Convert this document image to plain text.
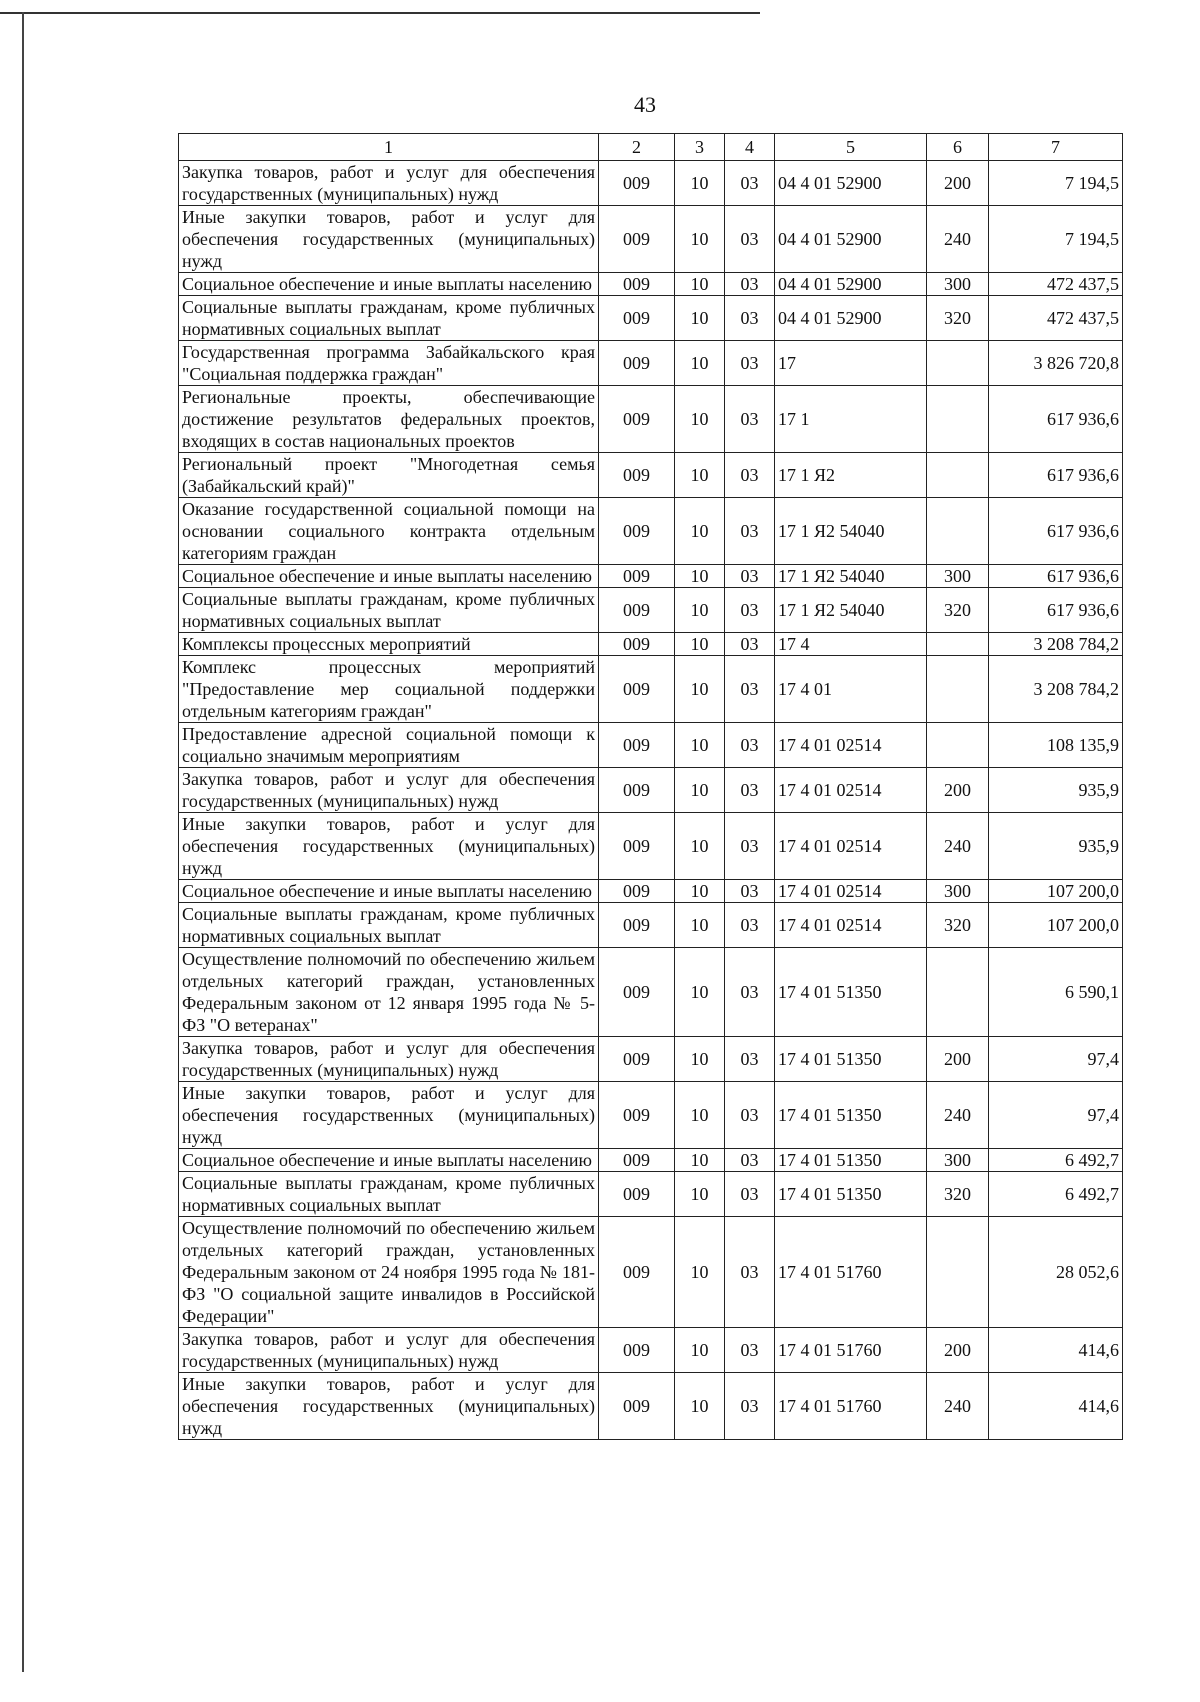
43
1	2	3	4	5	6	7
Закупка товаров, работ и услуг для обеспечения государственных (муниципальных) нужд	009	10	03	04 4 01 52900	200	7 194,5
Иные закупки товаров, работ и услуг для обеспечения государственных (муниципальных) нужд	009	10	03	04 4 01 52900	240	7 194,5
Социальное обеспечение и иные выплаты населению	009	10	03	04 4 01 52900	300	472 437,5
Социальные выплаты гражданам, кроме публичных нормативных социальных выплат	009	10	03	04 4 01 52900	320	472 437,5
Государственная программа Забайкальского края "Социальная поддержка граждан"	009	10	03	17		3 826 720,8
Региональные проекты, обеспечивающие достижение результатов федеральных проектов, входящих в состав национальных проектов	009	10	03	17 1		617 936,6
Региональный проект "Многодетная семья (Забайкальский край)"	009	10	03	17 1 Я2		617 936,6
Оказание государственной социальной помощи на основании социального контракта отдельным категориям граждан	009	10	03	17 1 Я2 54040		617 936,6
Социальное обеспечение и иные выплаты населению	009	10	03	17 1 Я2 54040	300	617 936,6
Социальные выплаты гражданам, кроме публичных нормативных социальных выплат	009	10	03	17 1 Я2 54040	320	617 936,6
Комплексы процессных мероприятий	009	10	03	17 4		3 208 784,2
Комплекс процессных мероприятий "Предоставление мер социальной поддержки отдельным категориям граждан"	009	10	03	17 4 01		3 208 784,2
Предоставление адресной социальной помощи к социально значимым мероприятиям	009	10	03	17 4 01 02514		108 135,9
Закупка товаров, работ и услуг для обеспечения государственных (муниципальных) нужд	009	10	03	17 4 01 02514	200	935,9
Иные закупки товаров, работ и услуг для обеспечения государственных (муниципальных) нужд	009	10	03	17 4 01 02514	240	935,9
Социальное обеспечение и иные выплаты населению	009	10	03	17 4 01 02514	300	107 200,0
Социальные выплаты гражданам, кроме публичных нормативных социальных выплат	009	10	03	17 4 01 02514	320	107 200,0
Осуществление полномочий по обеспечению жильем отдельных категорий граждан, установленных Федеральным законом от 12 января 1995 года № 5-ФЗ "О ветеранах"	009	10	03	17 4 01 51350		6 590,1
Закупка товаров, работ и услуг для обеспечения государственных (муниципальных) нужд	009	10	03	17 4 01 51350	200	97,4
Иные закупки товаров, работ и услуг для обеспечения государственных (муниципальных) нужд	009	10	03	17 4 01 51350	240	97,4
Социальное обеспечение и иные выплаты населению	009	10	03	17 4 01 51350	300	6 492,7
Социальные выплаты гражданам, кроме публичных нормативных социальных выплат	009	10	03	17 4 01 51350	320	6 492,7
Осуществление полномочий по обеспечению жильем отдельных категорий граждан, установленных Федеральным законом от 24 ноября 1995 года № 181-ФЗ "О социальной защите инвалидов в Российской Федерации"	009	10	03	17 4 01 51760		28 052,6
Закупка товаров, работ и услуг для обеспечения государственных (муниципальных) нужд	009	10	03	17 4 01 51760	200	414,6
Иные закупки товаров, работ и услуг для обеспечения государственных (муниципальных) нужд	009	10	03	17 4 01 51760	240	414,6
